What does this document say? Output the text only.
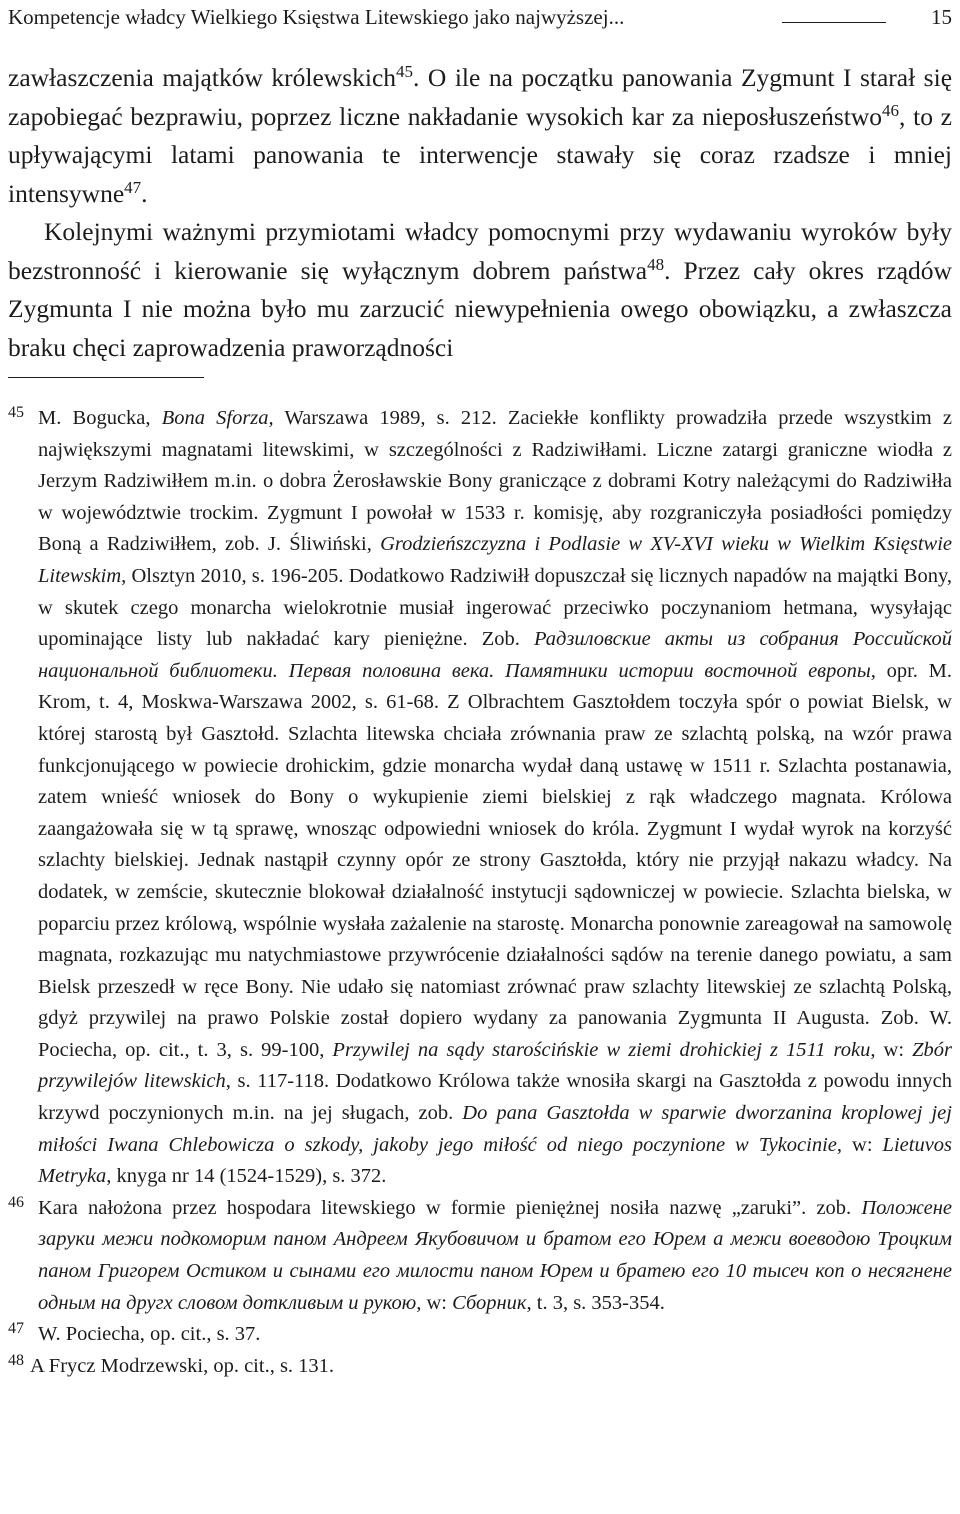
Kompetencje władcy Wielkiego Księstwa Litewskiego jako najwyższej...	15

zawłaszczenia majątków królewskich$^{45}$. O ile na początku panowania Zygmunt I starał się zapobiegać bezprawiu, poprzez liczne nakładanie wysokich kar za nieposłuszeństwo$^{46}$, to z upływającymi latami panowania te interwencje stawały się coraz rzadsze i mniej intensywne$^{47}$.

Kolejnymi ważnymi przymiotami władcy pomocnymi przy wydawaniu wyroków były bezstronność i kierowanie się wyłącznym dobrem państwa$^{48}$. Przez cały okres rządów Zygmunta I nie można było mu zarzucić niewypełnienia owego obowiązku, a zwłaszcza braku chęci zaprowadzenia praworządności

45 M. Bogucka, Bona Sforza, Warszawa 1989, s. 212. Zaciekłe konflikty prowadziła przede wszystkim z największymi magnatami litewskimi, w szczególności z Radziwiłłami. Liczne zatargi graniczne wiodła z Jerzym Radziwiłłem m.in. o dobra Żerosławskie Bony graniczące z dobrami Kotry należącymi do Radziwiłła w województwie trockim. Zygmunt I powołał w 1533 r. komisję, aby rozgraniczyła posiadłości pomiędzy Boną a Radziwiłłem, zob. J. Śliwiński, Grodzieńszczyzna i Podlasie w XV-XVI wieku w Wielkim Księstwie Litewskim, Olsztyn 2010, s. 196-205. Dodatkowo Radziwiłł dopuszczał się licznych napadów na majątki Bony, w skutek czego monarcha wielokrotnie musiał ingerować przeciwko poczynaniom hetmana, wysyłając upominające listy lub nakładać kary pieniężne. Zob. Радзиловские акты из собрания Российской национальной библиотеки. Первая половина века. Памятники истории восточной европы, opr. M. Krom, t. 4, Moskwa-Warszawa 2002, s. 61-68. Z Olbrachtem Gasztołdem toczyła spór o powiat Bielsk, w której starostą był Gasztołd. Szlachta litewska chciała zrównania praw ze szlachtą polską, na wzór prawa funkcjonującego w powiecie drohickim, gdzie monarcha wydał daną ustawę w 1511 r. Szlachta postanawia, zatem wnieść wniosek do Bony o wykupienie ziemi bielskiej z rąk władczego magnata. Królowa zaangażowała się w tą sprawę, wnosząc odpowiedni wniosek do króla. Zygmunt I wydał wyrok na korzyść szlachty bielskiej. Jednak nastąpił czynny opór ze strony Gasztołda, który nie przyjął nakazu władcy. Na dodatek, w zemście, skutecznie blokował działalność instytucji sądowniczej w powiecie. Szlachta bielska, w poparciu przez królową, wspólnie wysłała zażalenie na starostę. Monarcha ponownie zareagował na samowolę magnata, rozkazując mu natychmiastowe przywrócenie działalności sądów na terenie danego powiatu, a sam Bielsk przeszedł w ręce Bony. Nie udało się natomiast zrównać praw szlachty litewskiej ze szlachtą Polską, gdyż przywilej na prawo Polskie został dopiero wydany za panowania Zygmunta II Augusta. Zob. W. Pociecha, op. cit., t. 3, s. 99-100, Przywilej na sądy starościńskie w ziemi drohickiej z 1511 roku, w: Zbór przywilejów litewskich, s. 117-118. Dodatkowo Królowa także wnosiła skargi na Gasztołda z powodu innych krzywd poczynionych m.in. na jej sługach, zob. Do pana Gasztołda w sparwie dworzanina kroplowej jej miłości Iwana Chlebowicza o szkody, jakoby jego miłość od niego poczynione w Tykocinie, w: Lietuvos Metryka, knyga nr 14 (1524-1529), s. 372.
46 Kara nałożona przez hospodara litewskiego w formie pieniężnej nosiła nazwę „zaruki”. zob. Положене заруки межи подкоморим паном Андреем Якубовичом и братом его Юрем а межи воеводою Троцким паном Григорем Остиком и сынами его милости паном Юрем и братею его 10 тысеч коп о несягнене одным на другх словом доткливым и рукою, w: Сборник, t. 3, s. 353-354.
47 W. Pociecha, op. cit., s. 37.
48 A Frycz Modrzewski, op. cit., s. 131.
